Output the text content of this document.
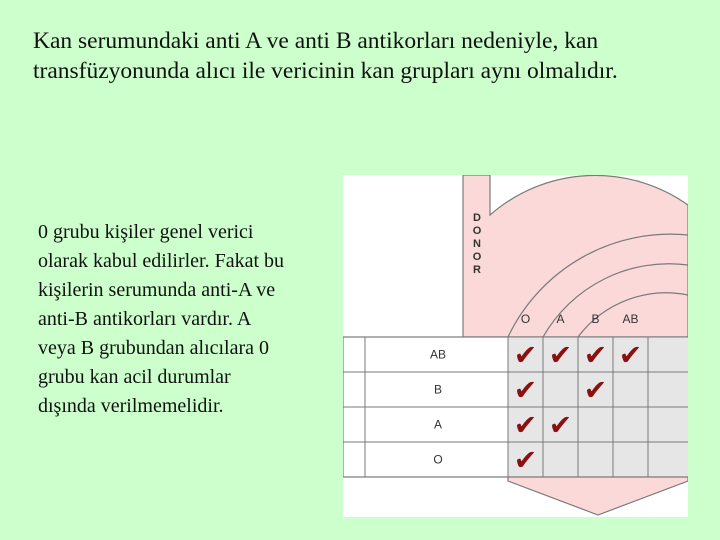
Kan serumundaki anti A ve anti B antikorları nedeniyle, kan transfüzyonunda alıcı ile vericinin kan grupları aynı olmalıdır.

0 grubu kişiler genel verici olarak kabul edilirler. Fakat bu kişilerin serumunda anti-A ve anti-B antikorları vardır. A veya B grubundan alıcılara 0 grubu kan acil durumlar dışında verilmemelidir.

D
O
N
O
R
O A B AB
AB
B
A
O
✔ ✔ ✔ ✔
✔ ✔
✔ ✔
✔
